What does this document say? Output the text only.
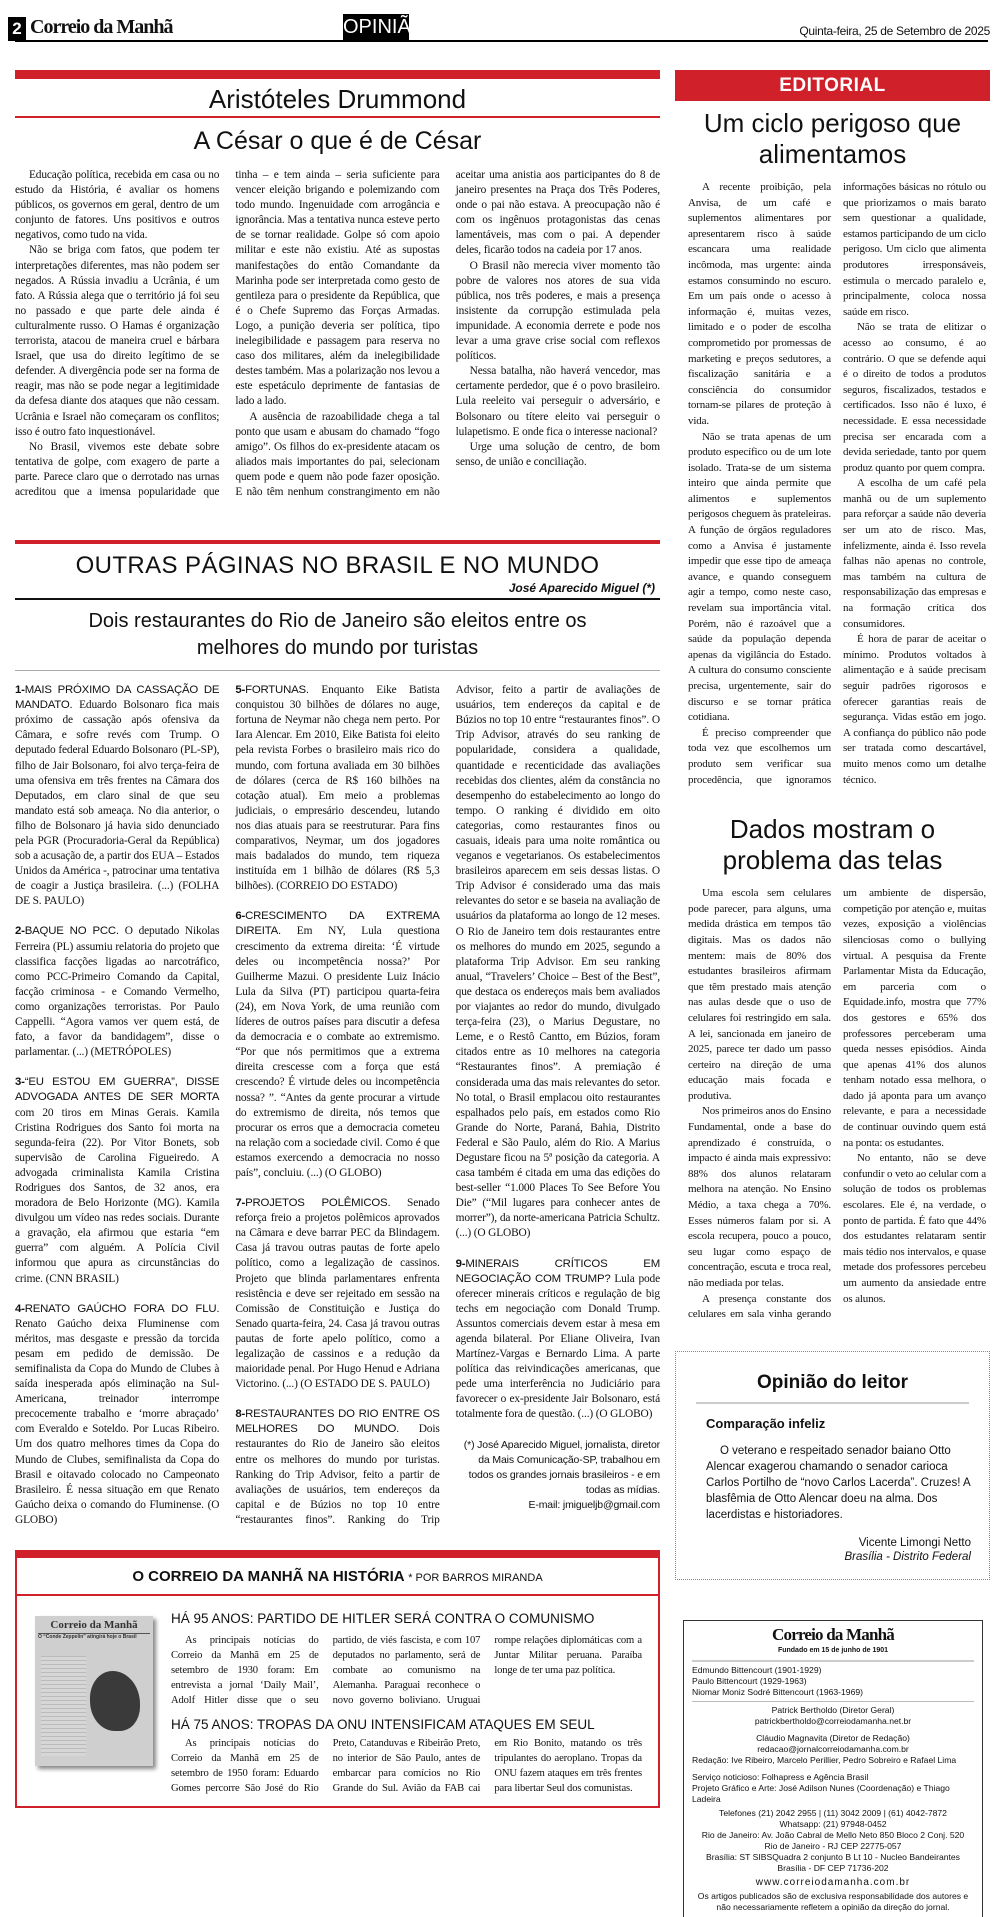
2 Correio da Manhã	OPINIÃO	Quinta-feira, 25 de Setembro de 2025
Aristóteles Drummond
A César o que é de César

Educação política, recebida em casa ou no estudo da História, é avaliar os homens públicos, os governos em geral, dentro de um conjunto de fatores. Uns positivos e outros negativos, como tudo na vida.

Não se briga com fatos, que podem ter interpretações diferentes, mas não podem ser negados. A Rússia invadiu a Ucrânia, é um fato. A Rússia alega que o território já foi seu no passado e que parte dele ainda é culturalmente russo. O Hamas é organização terrorista, atacou de maneira cruel e bárbara Israel, que usa do direito legítimo de se defender. A divergência pode ser na forma de reagir, mas não se pode negar a legitimidade da defesa diante dos ataques que não cessam. Ucrânia e Israel não começaram os conflitos; isso é outro fato inquestionável.

No Brasil, vivemos este debate sobre tentativa de golpe, com exagero de parte a parte. Parece claro que o derrotado nas urnas acreditou que a imensa popularidade que tinha – e tem ainda – seria suficiente para vencer eleição brigando e polemizando com todo mundo. Ingenuidade com arrogância e ignorância. Mas a tentativa nunca esteve perto de se tornar realidade. Golpe só com apoio militar e este não existiu. Até as supostas manifestações do então Comandante da Marinha pode ser interpretada como gesto de gentileza para o presidente da República, que é o Chefe Supremo das Forças Armadas. Logo, a punição deveria ser política, tipo inelegibilidade e passagem para reserva no caso dos militares, além da inelegibilidade destes também. Mas a polarização nos levou a este espetáculo deprimente de fantasias de lado a lado.

A ausência de razoabilidade chega a tal ponto que usam e abusam do chamado “fogo amigo”. Os filhos do ex-presidente atacam os aliados mais importantes do pai, selecionam quem pode e quem não pode fazer oposição. E não têm nenhum constrangimento em não aceitar uma anistia aos participantes do 8 de janeiro presentes na Praça dos Três Poderes, onde o pai não estava. A preocupação não é com os ingênuos protagonistas das cenas lamentáveis, mas com o pai. A depender deles, ficarão todos na cadeia por 17 anos.

O Brasil não merecia viver momento tão pobre de valores nos atores de sua vida pública, nos três poderes, e mais a presença insistente da corrupção estimulada pela impunidade. A economia derrete e pode nos levar a uma grave crise social com reflexos políticos.

Nessa batalha, não haverá vencedor, mas certamente perdedor, que é o povo brasileiro. Lula reeleito vai perseguir o adversário, e Bolsonaro ou títere eleito vai perseguir o lulapetismo. E onde fica o interesse nacional?

Urge uma solução de centro, de bom senso, de união e conciliação.

OUTRAS PÁGINAS NO BRASIL E NO MUNDO
José Aparecido Miguel (*)
Dois restaurantes do Rio de Janeiro são eleitos entre os melhores do mundo por turistas

1-MAIS PRÓXIMO DA CASSAÇÃO DE MANDATO. Eduardo Bolsonaro fica mais próximo de cassação após ofensiva da Câmara, e sofre revés com Trump. O deputado federal Eduardo Bolsonaro (PL-SP), filho de Jair Bolsonaro, foi alvo terça-feira de uma ofensiva em três frentes na Câmara dos Deputados, em claro sinal de que seu mandato está sob ameaça. No dia anterior, o filho de Bolsonaro já havia sido denunciado pela PGR (Procuradoria-Geral da República) sob a acusação de, a partir dos EUA – Estados Unidos da América -, patrocinar uma tentativa de coagir a Justiça brasileira. (...) (FOLHA DE S. PAULO)

2-BAQUE NO PCC. O deputado Nikolas Ferreira (PL) assumiu relatoria do projeto que classifica facções ligadas ao narcotráfico, como PCC-Primeiro Comando da Capital, facção criminosa - e Comando Vermelho, como organizações terroristas. Por Paulo Cappelli. “Agora vamos ver quem está, de fato, a favor da bandidagem”, disse o parlamentar. (...) (METRÓPOLES)

3-“EU ESTOU EM GUERRA”, DISSE ADVOGADA ANTES DE SER MORTA com 20 tiros em Minas Gerais. Kamila Cristina Rodrigues dos Santo foi morta na segunda-feira (22). Por Vitor Bonets, sob supervisão de Carolina Figueiredo. A advogada criminalista Kamila Cristina Rodrigues dos Santos, de 32 anos, era moradora de Belo Horizonte (MG). Kamila divulgou um vídeo nas redes sociais. Durante a gravação, ela afirmou que estaria “em guerra” com alguém. A Polícia Civil informou que apura as circunstâncias do crime. (CNN BRASIL)

4-RENATO GAÚCHO FORA DO FLU. Renato Gaúcho deixa Fluminense com méritos, mas desgaste e pressão da torcida pesam em pedido de demissão. De semifinalista da Copa do Mundo de Clubes à saída inesperada após eliminação na Sul-Americana, treinador interrompe precocemente trabalho e ‘morre abraçado’ com Everaldo e Soteldo. Por Lucas Ribeiro. Um dos quatro melhores times da Copa do Mundo de Clubes, semifinalista da Copa do Brasil e oitavado colocado no Campeonato Brasileiro. É nessa situação em que Renato Gaúcho deixa o comando do Fluminense. (O GLOBO)

5-FORTUNAS. Enquanto Eike Batista conquistou 30 bilhões de dólares no auge, fortuna de Neymar não chega nem perto. Por Iara Alencar. Em 2010, Eike Batista foi eleito pela revista Forbes o brasileiro mais rico do mundo, com fortuna avaliada em 30 bilhões de dólares (cerca de R$ 160 bilhões na cotação atual). Em meio a problemas judiciais, o empresário descendeu, lutando nos dias atuais para se reestruturar. Para fins comparativos, Neymar, um dos jogadores mais badalados do mundo, tem riqueza instituída em 1 bilhão de dólares (R$ 5,3 bilhões). (CORREIO DO ESTADO)

6-CRESCIMENTO DA EXTREMA DIREITA. Em NY, Lula questiona crescimento da extrema direita: ‘É virtude deles ou incompetência nossa?’ Por Guilherme Mazui. O presidente Luiz Inácio Lula da Silva (PT) participou quarta-feira (24), em Nova York, de uma reunião com líderes de outros países para discutir a defesa da democracia e o combate ao extremismo. “Por que nós permitimos que a extrema direita crescesse com a força que está crescendo? É virtude deles ou incompetência nossa? ”. “Antes da gente procurar a virtude do extremismo de direita, nós temos que procurar os erros que a democracia cometeu na relação com a sociedade civil. Como é que estamos exercendo a democracia no nosso país”, concluiu. (...) (O GLOBO)

7-PROJETOS POLÊMICOS. Senado reforça freio a projetos polêmicos aprovados na Câmara e deve barrar PEC da Blindagem. Casa já travou outras pautas de forte apelo político, como a legalização de cassinos. Projeto que blinda parlamentares enfrenta resistência e deve ser rejeitado em sessão na Comissão de Constituição e Justiça do Senado quarta-feira, 24. Casa já travou outras pautas de forte apelo político, como a legalização de cassinos e a redução da maioridade penal. Por Hugo Henud e Adriana Victorino. (...) (O ESTADO DE S. PAULO)

8-RESTAURANTES DO RIO ENTRE OS MELHORES DO MUNDO. Dois restaurantes do Rio de Janeiro são eleitos entre os melhores do mundo por turistas. Ranking do Trip Advisor, feito a partir de avaliações de usuários, tem endereços da capital e de Búzios no top 10 entre “restaurantes finos”. Ranking do Trip Advisor, feito a partir de avaliações de usuários, tem endereços da capital e de Búzios no top 10 entre “restaurantes finos”. O Trip Advisor, através do seu ranking de popularidade, considera a qualidade, quantidade e recenticidade das avaliações recebidas dos clientes, além da constância no desempenho do estabelecimento ao longo do tempo. O ranking é dividido em oito categorias, como restaurantes finos ou casuais, ideais para uma noite romântica ou veganos e vegetarianos. Os estabelecimentos brasileiros aparecem em seis dessas listas. O Trip Advisor é considerado uma das mais relevantes do setor e se baseia na avaliação de usuários da plataforma ao longo de 12 meses. O Rio de Janeiro tem dois restaurantes entre os melhores do mundo em 2025, segundo a plataforma Trip Advisor. Em seu ranking anual, “Travelers’ Choice – Best of the Best”, que destaca os endereços mais bem avaliados por viajantes ao redor do mundo, divulgado terça-feira (23), o Marius Degustare, no Leme, e o Restô Cantto, em Búzios, foram citados entre as 10 melhores na categoria “Restaurantes finos”. A premiação é considerada uma das mais relevantes do setor. No total, o Brasil emplacou oito restaurantes espalhados pelo país, em estados como Rio Grande do Norte, Paraná, Bahia, Distrito Federal e São Paulo, além do Rio. A Marius Degustare ficou na 5ª posição da categoria. A casa também é citada em uma das edições do best-seller “1.000 Places To See Before You Die” (“Mil lugares para conhecer antes de morrer”), da norte-americana Patricia Schultz. (...) (O GLOBO)

9-MINERAIS CRÍTICOS EM NEGOCIAÇÃO COM TRUMP? Lula pode oferecer minerais críticos e regulação de big techs em negociação com Donald Trump. Assuntos comerciais devem estar à mesa em agenda bilateral. Por Eliane Oliveira, Ivan Martínez-Vargas e Bernardo Lima. A parte política das reivindicações americanas, que pede uma interferência no Judiciário para favorecer o ex-presidente Jair Bolsonaro, está totalmente fora de questão. (...) (O GLOBO)

(*) José Aparecido Miguel, jornalista, diretor da Mais Comunicação-SP, trabalhou em todos os grandes jornais brasileiros - e em todas as mídias.
E-mail: jmigueljb@gmail.com
O CORREIO DA MANHÃ NA HISTÓRIA * POR BARROS MIRANDA
Correio da Manhã
O “Conde Zeppelin” atingirá hoje o Brasil
HÁ 95 ANOS: PARTIDO DE HITLER SERÁ CONTRA O COMUNISMO

As principais notícias do Correio da Manhã em 25 de setembro de 1930 foram: Em entrevista a jornal ‘Daily Mail’, Adolf Hitler disse que o seu partido, de viés fascista, e com 107 deputados no parlamento, será de combate ao comunismo na Alemanha. Paraguai reconhece o novo governo boliviano. Uruguai rompe relações diplomáticas com a Juntar Militar peruana. Paraíba longe de ter uma paz política.

HÁ 75 ANOS: TROPAS DA ONU INTENSIFICAM ATAQUES EM SEUL

As principais notícias do Correio da Manhã em 25 de setembro de 1950 foram: Eduardo Gomes percorre São José do Rio Preto, Catanduvas e Ribeirão Preto, no interior de São Paulo, antes de embarcar para comícios no Rio Grande do Sul. Avião da FAB cai em Rio Bonito, matando os três tripulantes do aeroplano. Tropas da ONU fazem ataques em três frentes para libertar Seul dos comunistas.

EDITORIAL
Um ciclo perigoso que alimentamos

A recente proibição, pela Anvisa, de um café e suplementos alimentares por apresentarem risco à saúde escancara uma realidade incômoda, mas urgente: ainda estamos consumindo no escuro. Em um país onde o acesso à informação é, muitas vezes, limitado e o poder de escolha comprometido por promessas de marketing e preços sedutores, a fiscalização sanitária e a consciência do consumidor tornam-se pilares de proteção à vida.

Não se trata apenas de um produto específico ou de um lote isolado. Trata-se de um sistema inteiro que ainda permite que alimentos e suplementos perigosos cheguem às prateleiras. A função de órgãos reguladores como a Anvisa é justamente impedir que esse tipo de ameaça avance, e quando conseguem agir a tempo, como neste caso, revelam sua importância vital. Porém, não é razoável que a saúde da população dependa apenas da vigilância do Estado. A cultura do consumo consciente precisa, urgentemente, sair do discurso e se tornar prática cotidiana.

É preciso compreender que toda vez que escolhemos um produto sem verificar sua procedência, que ignoramos informações básicas no rótulo ou que priorizamos o mais barato sem questionar a qualidade, estamos participando de um ciclo perigoso. Um ciclo que alimenta produtores irresponsáveis, estimula o mercado paralelo e, principalmente, coloca nossa saúde em risco.

Não se trata de elitizar o acesso ao consumo, é ao contrário. O que se defende aqui é o direito de todos a produtos seguros, fiscalizados, testados e certificados. Isso não é luxo, é necessidade. E essa necessidade precisa ser encarada com a devida seriedade, tanto por quem produz quanto por quem compra.

A escolha de um café pela manhã ou de um suplemento para reforçar a saúde não deveria ser um ato de risco. Mas, infelizmente, ainda é. Isso revela falhas não apenas no controle, mas também na cultura de responsabilização das empresas e na formação crítica dos consumidores.

É hora de parar de aceitar o mínimo. Produtos voltados à alimentação e à saúde precisam seguir padrões rigorosos e oferecer garantias reais de segurança. Vidas estão em jogo. A confiança do público não pode ser tratada como descartável, muito menos como um detalhe técnico.

Dados mostram o problema das telas

Uma escola sem celulares pode parecer, para alguns, uma medida drástica em tempos tão digitais. Mas os dados não mentem: mais de 80% dos estudantes brasileiros afirmam que têm prestado mais atenção nas aulas desde que o uso de celulares foi restringido em sala. A lei, sancionada em janeiro de 2025, parece ter dado um passo certeiro na direção de uma educação mais focada e produtiva.

Nos primeiros anos do Ensino Fundamental, onde a base do aprendizado é construída, o impacto é ainda mais expressivo: 88% dos alunos relataram melhora na atenção. No Ensino Médio, a taxa chega a 70%. Esses números falam por si. A escola recupera, pouco a pouco, seu lugar como espaço de concentração, escuta e troca real, não mediada por telas.

A presença constante dos celulares em sala vinha gerando um ambiente de dispersão, competição por atenção e, muitas vezes, exposição a violências silenciosas como o bullying virtual. A pesquisa da Frente Parlamentar Mista da Educação, em parceria com o Equidade.info, mostra que 77% dos gestores e 65% dos professores perceberam uma queda nesses episódios. Ainda que apenas 41% dos alunos tenham notado essa melhora, o dado já aponta para um avanço relevante, e para a necessidade de continuar ouvindo quem está na ponta: os estudantes.

No entanto, não se deve confundir o veto ao celular com a solução de todos os problemas escolares. Ele é, na verdade, o ponto de partida. É fato que 44% dos estudantes relataram sentir mais tédio nos intervalos, e quase metade dos professores percebeu um aumento da ansiedade entre os alunos.

Opinião do leitor
Comparação infeliz
O veterano e respeitado senador baiano Otto Alencar exagerou chamando o senador carioca Carlos Portilho de “novo Carlos Lacerda”. Cruzes! A blasfêmia de Otto Alencar doeu na alma. Dos lacerdistas e historiadores.
Vicente Limongi Netto
Brasília - Distrito Federal
Correio da Manhã
Fundado em 15 de junho de 1901
Edmundo Bittencourt (1901-1929)
Paulo Bittencourt (1929-1963)
Niomar Moniz Sodré Bittencourt (1963-1969)
Patrick Bertholdo (Diretor Geral)
patrickbertholdo@correiodamanha.net.br
Cláudio Magnavita (Diretor de Redação)
redacao@jornalcorreiodamanha.com.br
Redação: Ive Ribeiro, Marcelo Perillier, Pedro Sobreiro e Rafael Lima
Serviço noticioso: Folhapress e Agência Brasil
Projeto Gráfico e Arte: José Adilson Nunes (Coordenação) e Thiago Ladeira
Telefones (21) 2042 2955 | (11) 3042 2009 | (61) 4042-7872
Whatsapp: (21) 97948-0452
Rio de Janeiro: Av. João Cabral de Mello Neto 850 Bloco 2 Conj. 520
Rio de Janeiro - RJ CEP 22775-057
Brasília: ST SIBSQuadra 2 conjunto B Lt 10 - Nucleo Bandeirantes
Brasília - DF CEP 71736-202
www.correiodamanha.com.br
Os artigos publicados são de exclusiva responsabilidade dos autores e não necessariamente refletem a opinião da direção do jornal.
